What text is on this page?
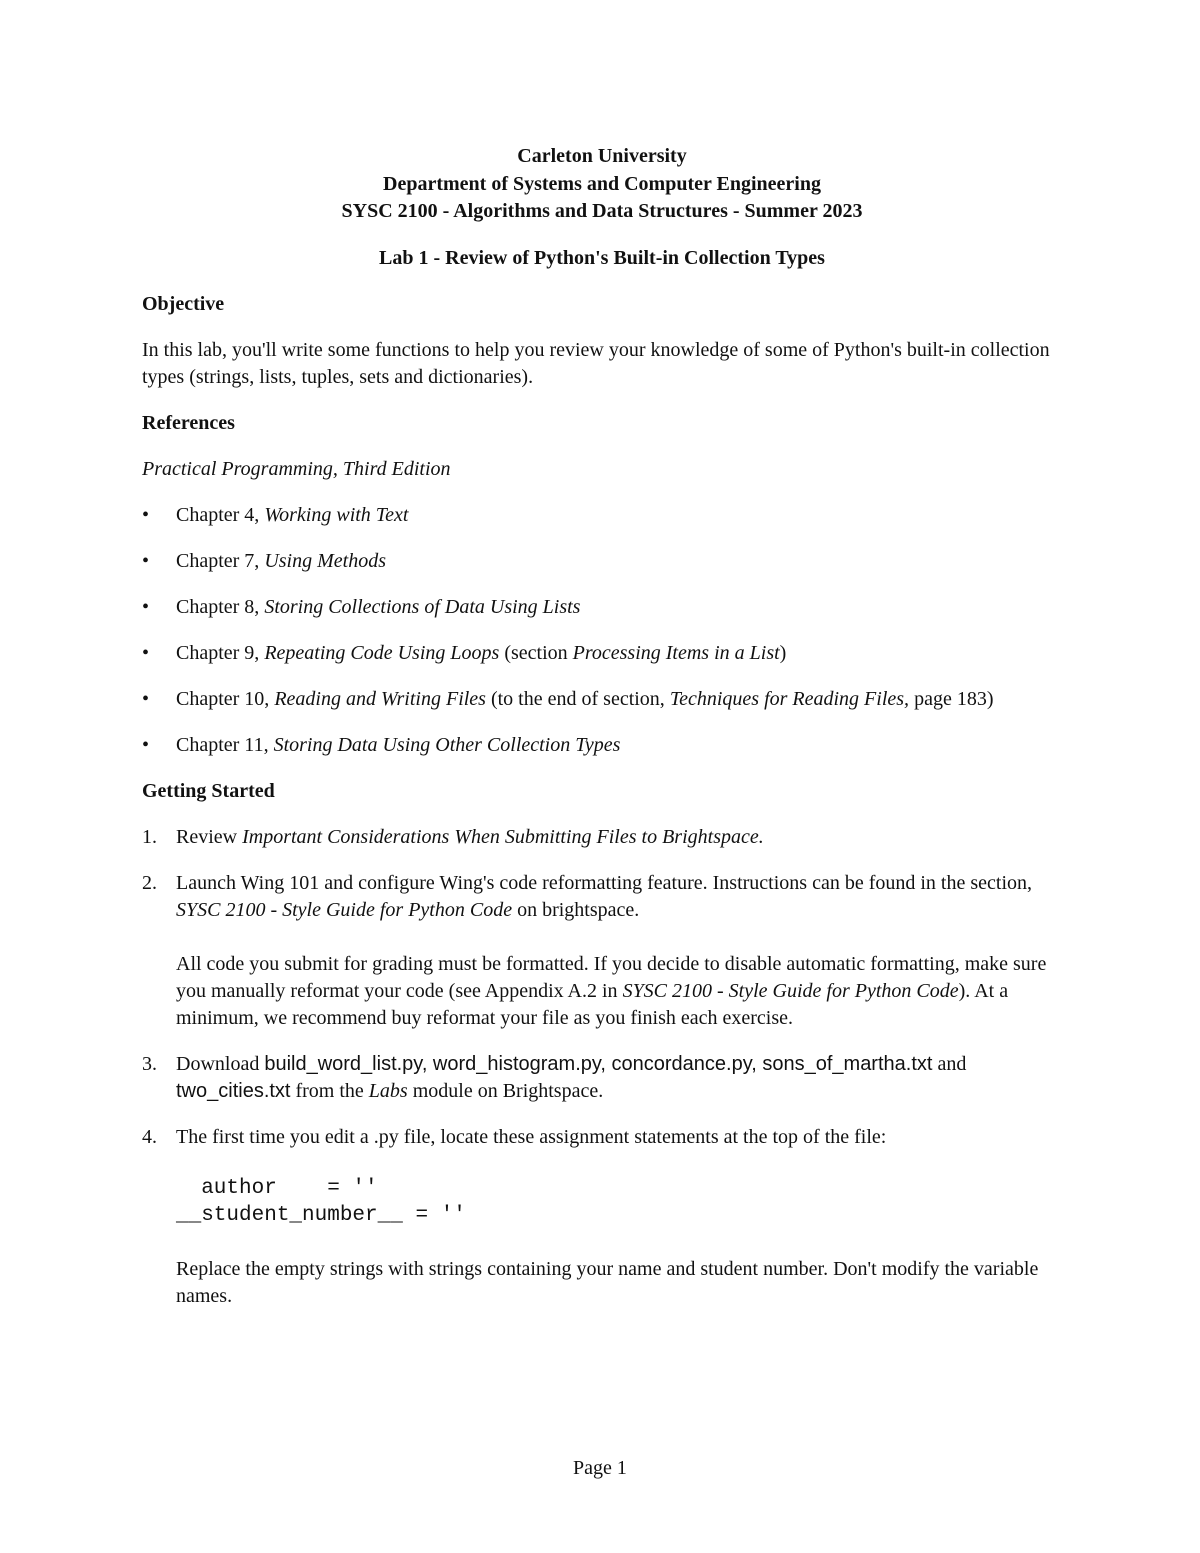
Carleton University
Department of Systems and Computer Engineering
SYSC 2100 - Algorithms and Data Structures - Summer 2023
Lab 1 - Review of Python's Built-in Collection Types
Objective

In this lab, you'll write some functions to help you review your knowledge of some of Python's built-in collection types (strings, lists, tuples, sets and dictionaries).

References

Practical Programming, Third Edition

• Chapter 4, Working with Text
• Chapter 7, Using Methods
• Chapter 8, Storing Collections of Data Using Lists
• Chapter 9, Repeating Code Using Loops (section Processing Items in a List)
• Chapter 10, Reading and Writing Files (to the end of section, Techniques for Reading Files, page 183)
• Chapter 11, Storing Data Using Other Collection Types
Getting Started
1. Review Important Considerations When Submitting Files to Brightspace.
2. Launch Wing 101 and configure Wing's code reformatting feature. Instructions can be found in the section, SYSC 2100 - Style Guide for Python Code on brightspace.

All code you submit for grading must be formatted. If you decide to disable automatic formatting, make sure you manually reformat your code (see Appendix A.2 in SYSC 2100 - Style Guide for Python Code). At a minimum, we recommend buy reformat your file as you finish each exercise.

3. Download build_word_list.py, word_histogram.py, concordance.py, sons_of_martha.txt and two_cities.txt from the Labs module on Brightspace.
4. The first time you edit a .py file, locate these assignment statements at the top of the file:

author    = ''
__student_number__ = ''

Replace the empty strings with strings containing your name and student number. Don't modify the variable names.

Page 1
